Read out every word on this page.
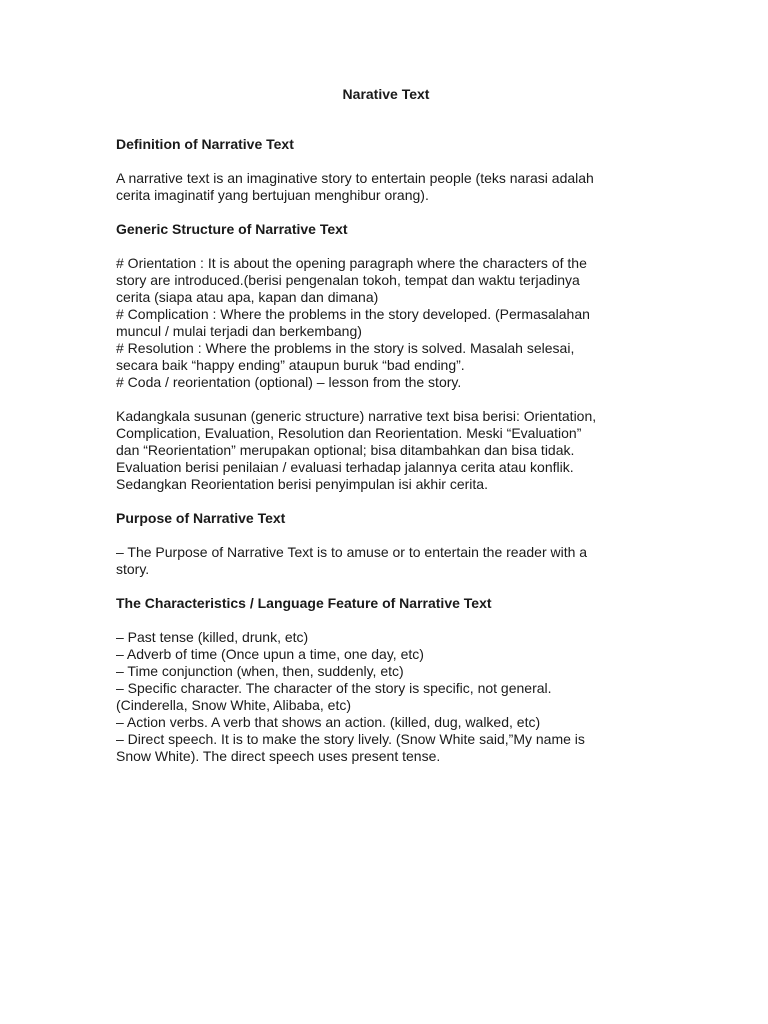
Narative Text
Definition of Narrative Text
A narrative text is an imaginative story to entertain people (teks narasi adalah
cerita imaginatif yang bertujuan menghibur orang).
Generic Structure of Narrative Text
# Orientation : It is about the opening paragraph where the characters of the
story are introduced.(berisi pengenalan tokoh, tempat dan waktu terjadinya
cerita (siapa atau apa, kapan dan dimana)
# Complication : Where the problems in the story developed. (Permasalahan
muncul / mulai terjadi dan berkembang)
# Resolution : Where the problems in the story is solved. Masalah selesai,
secara baik “happy ending” ataupun buruk “bad ending”.
# Coda / reorientation (optional) – lesson from the story.
Kadangkala susunan (generic structure) narrative text bisa berisi: Orientation,
Complication, Evaluation, Resolution dan Reorientation. Meski “Evaluation”
dan “Reorientation” merupakan optional; bisa ditambahkan dan bisa tidak.
Evaluation berisi penilaian / evaluasi terhadap jalannya cerita atau konflik.
Sedangkan Reorientation berisi penyimpulan isi akhir cerita.
Purpose of Narrative Text
– The Purpose of Narrative Text is to amuse or to entertain the reader with a
story.
The Characteristics / Language Feature of Narrative Text
– Past tense (killed, drunk, etc)
– Adverb of time (Once upun a time, one day, etc)
– Time conjunction (when, then, suddenly, etc)
– Specific character. The character of the story is specific, not general.
(Cinderella, Snow White, Alibaba, etc)
– Action verbs. A verb that shows an action. (killed, dug, walked, etc)
– Direct speech. It is to make the story lively. (Snow White said,”My name is
Snow White). The direct speech uses present tense.
